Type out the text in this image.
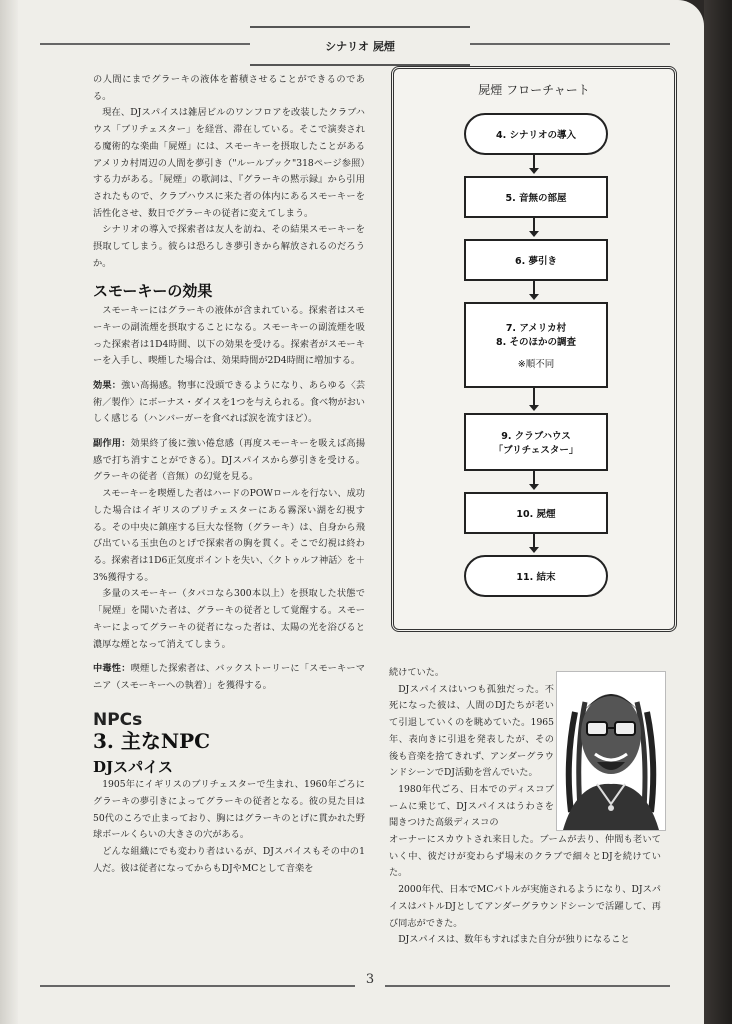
シナリオ 屍煙

の人間にまでグラーキの液体を蓄積させることができるのである。

現在、DJスパイスは雑居ビルのワンフロアを改装したクラブハウス「ブリチェスター」を経営、滞在している。そこで演奏される魔術的な楽曲「屍煙」には、スモーキーを摂取したことがあるアメリカ村周辺の人間を夢引き（"ルールブック"318ページ参照）する力がある。「屍煙」の歌詞は、『グラーキの黙示録』から引用されたもので、クラブハウスに来た者の体内にあるスモーキーを活性化させ、数日でグラーキの従者に変えてしまう。

シナリオの導入で探索者は友人を訪ね、その結果スモーキーを摂取してしまう。彼らは恐ろしき夢引きから解放されるのだろうか。

スモーキーの効果

スモーキーにはグラーキの液体が含まれている。探索者はスモーキーの副流煙を摂取することになる。スモーキーの副流煙を吸った探索者は1D4時間、以下の効果を受ける。探索者がスモーキーを入手し、喫煙した場合は、効果時間が2D4時間に増加する。

効果：強い高揚感。物事に没頭できるようになり、あらゆる〈芸術／製作〉にボーナス・ダイスを1つを与えられる。食べ物がおいしく感じる（ハンバーガーを食べれば涙を流すほど）。

副作用：効果終了後に強い倦怠感（再度スモーキーを吸えば高揚感で打ち消すことができる）。DJスパイスから夢引きを受ける。グラーキの従者（音無）の幻覚を見る。

スモーキーを喫煙した者はハードのPOWロールを行ない、成功した場合はイギリスのブリチェスターにある霧深い湖を幻視する。その中央に鎮座する巨大な怪物（グラーキ）は、自身から飛び出ている玉虫色のとげで探索者の胸を貫く。そこで幻視は終わる。探索者は1D6正気度ポイントを失い、〈クトゥルフ神話〉を＋3%獲得する。

多量のスモーキー（タバコなら300本以上）を摂取した状態で「屍煙」を聞いた者は、グラーキの従者として覚醒する。スモーキーによってグラーキの従者になった者は、太陽の光を浴びると濃厚な煙となって消えてしまう。

中毒性：喫煙した探索者は、バックストーリーに「スモーキーマニア（スモーキーへの執着）」を獲得する。

NPCs
3. 主なNPC
DJスパイス

1905年にイギリスのブリチェスターで生まれ、1960年ごろにグラーキの夢引きによってグラーキの従者となる。彼の見た目は50代のころで止まっており、胸にはグラーキのとげに貫かれた野球ボールくらいの大きさの穴がある。

どんな組織にでも変わり者はいるが、DJスパイスもその中の1人だ。彼は従者になってからもDJやMCとして音楽を

屍煙 フローチャート
4. シナリオの導入
5. 音無の部屋
6. 夢引き
7. アメリカ村
8. そのほかの調査
※順不同
9. クラブハウス
「ブリチェスター」
10. 屍煙
11. 結末

続けていた。

DJスパイスはいつも孤独だった。不死になった彼は、人間のDJたちが老いて引退していくのを眺めていた。1965年、表向きに引退を発表したが、その後も音楽を捨てきれず、アンダーグラウンドシーンでDJ活動を営んでいた。

1980年代ごろ、日本でのディスコブームに乗じて、DJスパイスはうわさを聞きつけた高級ディスコの

オーナーにスカウトされ来日した。ブームが去り、仲間も老いていく中、彼だけが変わらず場末のクラブで細々とDJを続けていた。

2000年代、日本でMCバトルが実施されるようになり、DJスパイスはバトルDJとしてアンダーグラウンドシーンで活躍して、再び同志ができた。

DJスパイスは、数年もすればまた自分が独りになること

3
